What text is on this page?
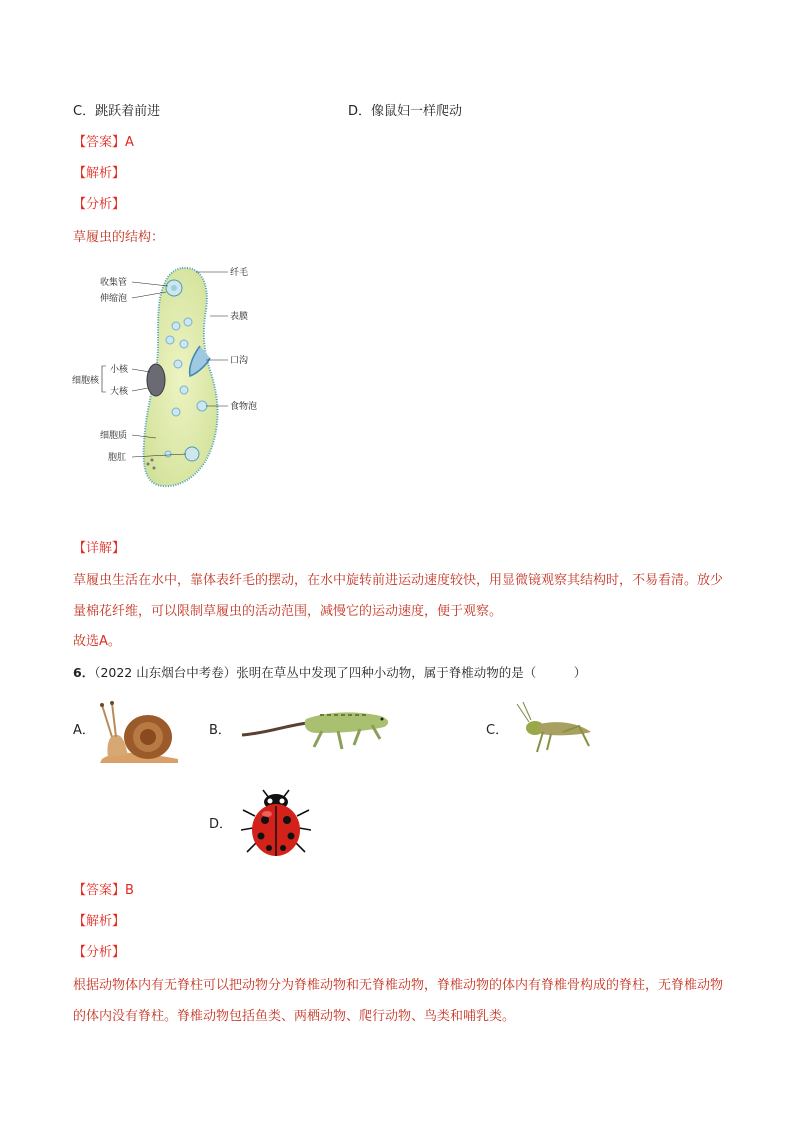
C．跳跃着前进	D．像鼠妇一样爬动
【答案】A
【解析】
【分析】
草履虫的结构：
收集管
伸缩泡
纤毛
表膜
口沟
细胞核
小核
大核
食物泡
细胞质
胞肛
【详解】
草履虫生活在水中，靠体表纤毛的摆动，在水中旋转前进运动速度较快，用显微镜观察其结构时，不易看清。放少量棉花纤维，可以限制草履虫的活动范围，减慢它的运动速度，便于观察。
故选A。
6．（2022 山东烟台中考卷）张明在草丛中发现了四种小动物，属于脊椎动物的是（　　　）
A．	B．	C．
D．
【答案】B
【解析】
【分析】
根据动物体内有无脊柱可以把动物分为脊椎动物和无脊椎动物，脊椎动物的体内有脊椎骨构成的脊柱，无脊椎动物的体内没有脊柱。脊椎动物包括鱼类、两栖动物、爬行动物、鸟类和哺乳类。
